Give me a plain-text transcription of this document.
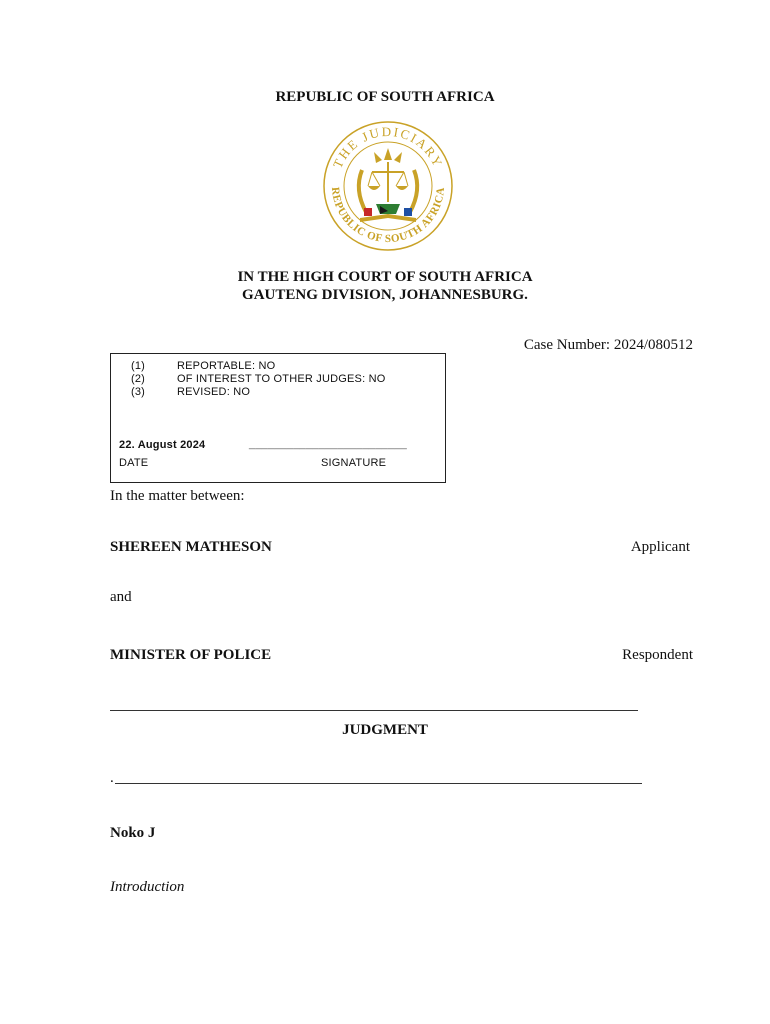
REPUBLIC OF SOUTH AFRICA
THE JUDICIARY
REPUBLIC OF SOUTH AFRICA
IN THE HIGH COURT OF SOUTH AFRICA
GAUTENG DIVISION, JOHANNESBURG.
Case Number: 2024/080512
(1)	REPORTABLE: NO
(2)	OF INTEREST TO OTHER JUDGES: NO
(3)	REVISED: NO
22. August 2024	_________________________
DATE	SIGNATURE
In the matter between:
SHEREEN MATHESON	Applicant
and
MINISTER OF POLICE	Respondent
JUDGMENT
.
Noko J
Introduction
